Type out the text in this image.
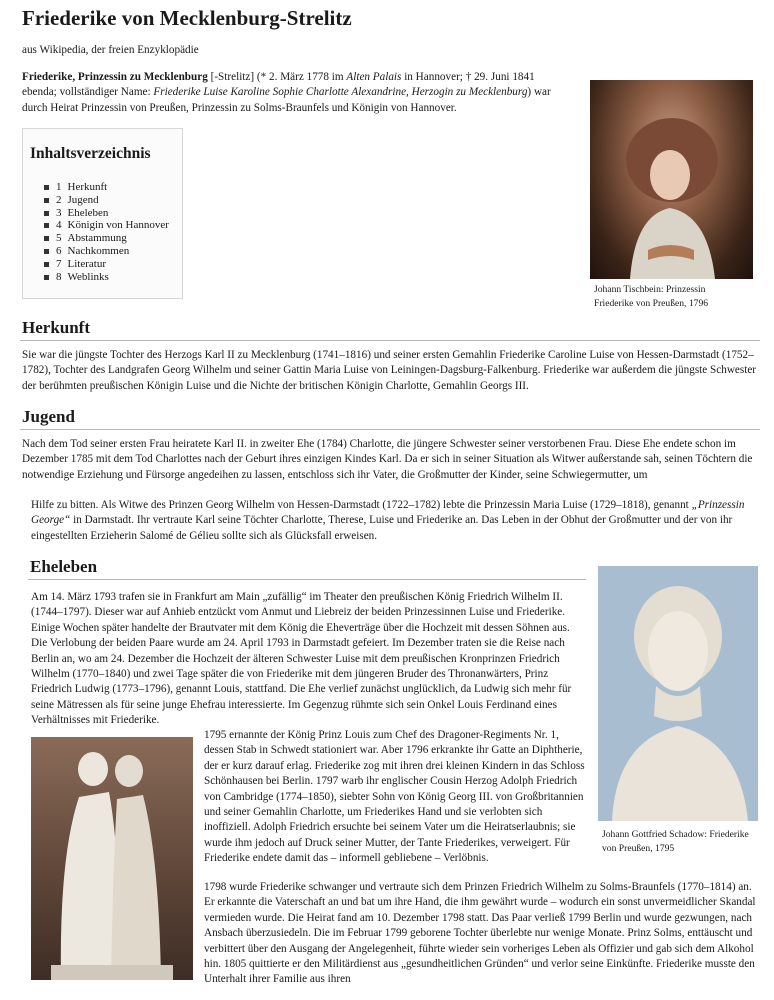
Friederike von Mecklenburg-Strelitz
aus Wikipedia, der freien Enzyklopädie

Friederike, Prinzessin zu Mecklenburg [-Strelitz] (* 2. März 1778 im Alten Palais in Hannover; † 29. Juni 1841 ebenda; vollständiger Name: Friederike Luise Karoline Sophie Charlotte Alexandrine, Herzogin zu Mecklenburg) war durch Heirat Prinzessin von Preußen, Prinzessin zu Solms-Braunfels und Königin von Hannover.

Johann Tischbein: Prinzessin Friederike von Preußen, 1796
Inhaltsverzeichnis
1 Herkunft
2 Jugend
3 Eheleben
4 Königin von Hannover
5 Abstammung
6 Nachkommen
7 Literatur
8 Weblinks
Herkunft

Sie war die jüngste Tochter des Herzogs Karl II zu Mecklenburg (1741–1816) und seiner ersten Gemahlin Friederike Caroline Luise von Hessen-Darmstadt (1752–1782), Tochter des Landgrafen Georg Wilhelm und seiner Gattin Maria Luise von Leiningen-Dagsburg-Falkenburg. Friederike war außerdem die jüngste Schwester der berühmten preußischen Königin Luise und die Nichte der britischen Königin Charlotte, Gemahlin Georgs III.

Jugend

Nach dem Tod seiner ersten Frau heiratete Karl II. in zweiter Ehe (1784) Charlotte, die jüngere Schwester seiner verstorbenen Frau. Diese Ehe endete schon im Dezember 1785 mit dem Tod Charlottes nach der Geburt ihres einzigen Kindes Karl. Da er sich in seiner Situation als Witwer außerstande sah, seinen Töchtern die notwendige Erziehung und Fürsorge angedeihen zu lassen, entschloss sich ihr Vater, die Großmutter der Kinder, seine Schwiegermutter, um

Hilfe zu bitten. Als Witwe des Prinzen Georg Wilhelm von Hessen-Darmstadt (1722–1782) lebte die Prinzessin Maria Luise (1729–1818), genannt „Prinzessin George“ in Darmstadt. Ihr vertraute Karl seine Töchter Charlotte, Therese, Luise und Friederike an. Das Leben in der Obhut der Großmutter und der von ihr eingestellten Erzieherin Salomé de Gélieu sollte sich als Glücksfall erweisen.

Eheleben

Am 14. März 1793 trafen sie in Frankfurt am Main „zufällig“ im Theater den preußischen König Friedrich Wilhelm II. (1744–1797). Dieser war auf Anhieb entzückt vom Anmut und Liebreiz der beiden Prinzessinnen Luise und Friederike. Einige Wochen später handelte der Brautvater mit dem König die Eheverträge über die Hochzeit mit dessen Söhnen aus. Die Verlobung der beiden Paare wurde am 24. April 1793 in Darmstadt gefeiert. Im Dezember traten sie die Reise nach Berlin an, wo am 24. Dezember die Hochzeit der älteren Schwester Luise mit dem preußischen Kronprinzen Friedrich Wilhelm (1770–1840) und zwei Tage später die von Friederike mit dem jüngeren Bruder des Thronanwärters, Prinz Friedrich Ludwig (1773–1796), genannt Louis, stattfand. Die Ehe verlief zunächst unglücklich, da Ludwig sich mehr für seine Mätressen als für seine junge Ehefrau interessierte. Im Gegenzug rühmte sich sein Onkel Louis Ferdinand eines Verhältnisses mit Friederike.

Johann Gottfried Schadow: Friederike von Preußen, 1795

1795 ernannte der König Prinz Louis zum Chef des Dragoner-Regiments Nr. 1, dessen Stab in Schwedt stationiert war. Aber 1796 erkrankte ihr Gatte an Diphtherie, der er kurz darauf erlag. Friederike zog mit ihren drei kleinen Kindern in das Schloss Schönhausen bei Berlin. 1797 warb ihr englischer Cousin Herzog Adolph Friedrich von Cambridge (1774–1850), siebter Sohn von König Georg III. von Großbritannien und seiner Gemahlin Charlotte, um Friederikes Hand und sie verlobten sich inoffiziell. Adolph Friedrich ersuchte bei seinem Vater um die Heiratserlaubnis; sie wurde ihm jedoch auf Druck seiner Mutter, der Tante Friederikes, verweigert. Für Friederike endete damit das – informell gebliebene – Verlöbnis.

1798 wurde Friederike schwanger und vertraute sich dem Prinzen Friedrich Wilhelm zu Solms-Braunfels (1770–1814) an. Er erkannte die Vaterschaft an und bat um ihre Hand, die ihm gewährt wurde – wodurch ein sonst unvermeidlicher Skandal vermieden wurde. Die Heirat fand am 10. Dezember 1798 statt. Das Paar verließ 1799 Berlin und wurde gezwungen, nach Ansbach überzusiedeln. Die im Februar 1799 geborene Tochter überlebte nur wenige Monate. Prinz Solms, enttäuscht und verbittert über den Ausgang der Angelegenheit, führte wieder sein vorheriges Leben als Offizier und gab sich dem Alkohol hin. 1805 quittierte er den Militärdienst aus „gesundheitlichen Gründen“ und verlor seine Einkünfte. Friederike musste den Unterhalt ihrer Familie aus ihren
